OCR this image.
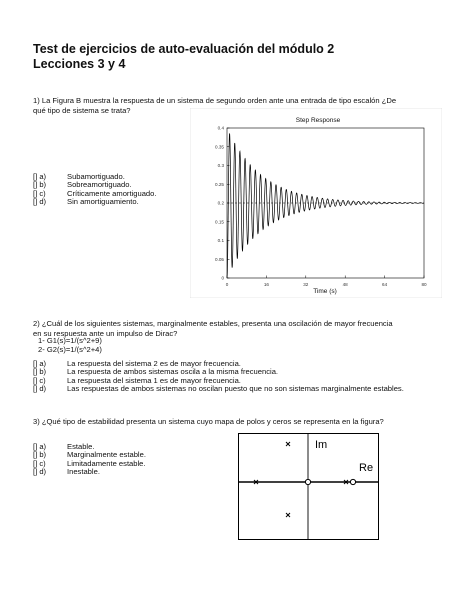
Test de ejercicios de auto-evaluación del módulo 2
Lecciones 3 y 4
1) La Figura B muestra la respuesta de un sistema de segundo orden ante una entrada de tipo escalón ¿De
qué tipo de sistema se trata?
[] a)	Subamortiguado.
[] b)	Sobreamortiguado.
[] c)	Críticamente amortiguado.
[] d)	Sin amortiguamiento.
Step Response
0	16	32	48	64	80
0
0.05
0.1
0.15
0.2
0.25
0.3
0.35
0.4
Time (s)
2) ¿Cuál de los siguientes sistemas, marginalmente estables, presenta una oscilación de mayor frecuencia
en su respuesta ante un impulso de Dirac?
1- G1(s)=1/(s^2+9)
2- G2(s)=1/(s^2+4)
[] a)	La respuesta del sistema 2 es de mayor frecuencia.
[] b)	La respuesta de ambos sistemas oscila a la misma frecuencia.
[] c)	La respuesta del sistema 1 es de mayor frecuencia.
[] d)	Las respuestas de ambos sistemas no oscilan puesto que no son sistemas marginalmente estables.
3) ¿Qué tipo de estabilidad presenta un sistema cuyo mapa de polos y ceros se representa en la figura?
[] a)	Estable.
[] b)	Marginalmente estable.
[] c)	Limitadamente estable.
[] d)	Inestable.
Im
Re
